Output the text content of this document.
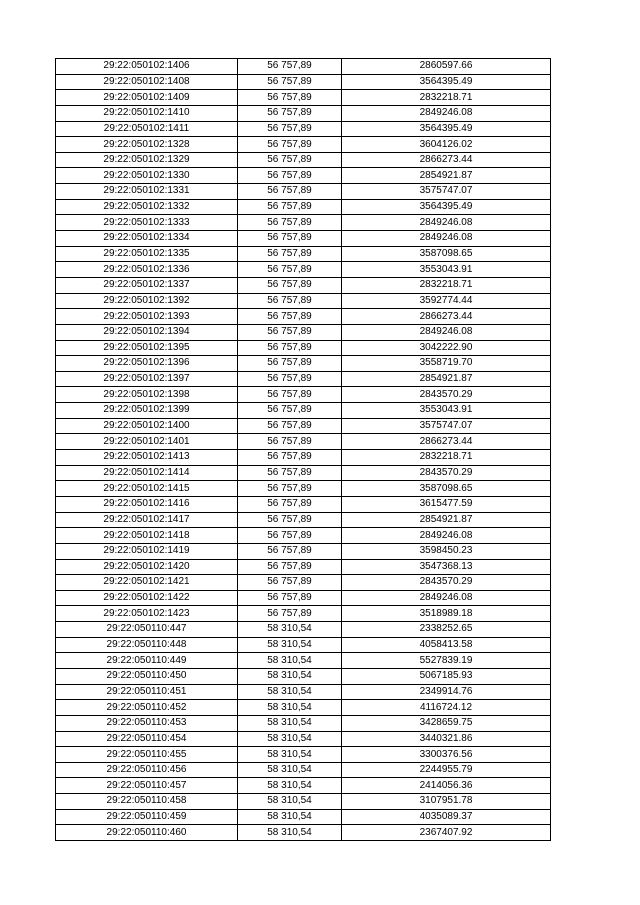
29:22:050102:1406	56 757,89	2860597.66
29:22:050102:1408	56 757,89	3564395.49
29:22:050102:1409	56 757,89	2832218.71
29:22:050102:1410	56 757,89	2849246.08
29:22:050102:1411	56 757,89	3564395.49
29:22:050102:1328	56 757,89	3604126.02
29:22:050102:1329	56 757,89	2866273.44
29:22:050102:1330	56 757,89	2854921.87
29:22:050102:1331	56 757,89	3575747.07
29:22:050102:1332	56 757,89	3564395.49
29:22:050102:1333	56 757,89	2849246.08
29:22:050102:1334	56 757,89	2849246.08
29:22:050102:1335	56 757,89	3587098.65
29:22:050102:1336	56 757,89	3553043.91
29:22:050102:1337	56 757,89	2832218.71
29:22:050102:1392	56 757,89	3592774.44
29:22:050102:1393	56 757,89	2866273.44
29:22:050102:1394	56 757,89	2849246.08
29:22:050102:1395	56 757,89	3042222.90
29:22:050102:1396	56 757,89	3558719.70
29:22:050102:1397	56 757,89	2854921.87
29:22:050102:1398	56 757,89	2843570.29
29:22:050102:1399	56 757,89	3553043.91
29:22:050102:1400	56 757,89	3575747.07
29:22:050102:1401	56 757,89	2866273.44
29:22:050102:1413	56 757,89	2832218.71
29:22:050102:1414	56 757,89	2843570.29
29:22:050102:1415	56 757,89	3587098.65
29:22:050102:1416	56 757,89	3615477.59
29:22:050102:1417	56 757,89	2854921.87
29:22:050102:1418	56 757,89	2849246.08
29:22:050102:1419	56 757,89	3598450.23
29:22:050102:1420	56 757,89	3547368.13
29:22:050102:1421	56 757,89	2843570.29
29:22:050102:1422	56 757,89	2849246.08
29:22:050102:1423	56 757,89	3518989.18
29:22:050110:447	58 310,54	2338252.65
29:22:050110:448	58 310,54	4058413.58
29:22:050110:449	58 310,54	5527839.19
29:22:050110:450	58 310,54	5067185.93
29:22:050110:451	58 310,54	2349914.76
29:22:050110:452	58 310,54	4116724.12
29:22:050110:453	58 310,54	3428659.75
29:22:050110:454	58 310,54	3440321.86
29:22:050110:455	58 310,54	3300376.56
29:22:050110:456	58 310,54	2244955.79
29:22:050110:457	58 310,54	2414056.36
29:22:050110:458	58 310,54	3107951.78
29:22:050110:459	58 310,54	4035089.37
29:22:050110:460	58 310,54	2367407.92
